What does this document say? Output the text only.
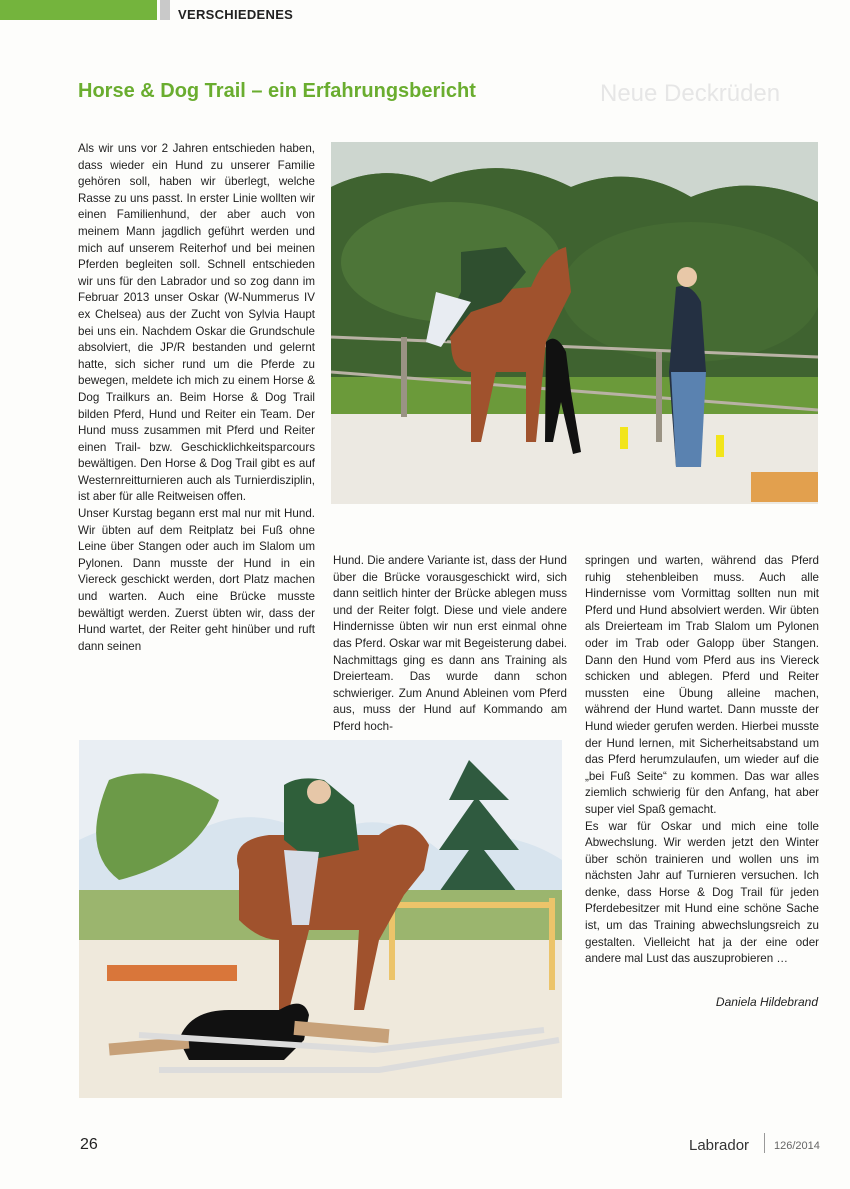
VERSCHIEDENES
Neue Deckrüden
Horse & Dog Trail – ein Erfahrungsbericht

Als wir uns vor 2 Jahren entschieden haben, dass wieder ein Hund zu unserer Familie gehören soll, haben wir überlegt, welche Rasse zu uns passt. In erster Linie wollten wir einen Familienhund, der aber auch von meinem Mann jagdlich geführt werden und mich auf unserem Reiterhof und bei meinen Pferden begleiten soll. Schnell entschieden wir uns für den Labrador und so zog dann im Februar 2013 unser Oskar (W-Nummerus IV ex Chelsea) aus der Zucht von Sylvia Haupt bei uns ein. Nachdem Oskar die Grundschule absolviert, die JP/R bestanden und gelernt hatte, sich sicher rund um die Pferde zu bewegen, meldete ich mich zu einem Horse & Dog Trailkurs an. Beim Horse & Dog Trail bilden Pferd, Hund und Reiter ein Team. Der Hund muss zusammen mit Pferd und Reiter einen Trail- bzw. Geschicklichkeitsparcours bewältigen. Den Horse & Dog Trail gibt es auf Westernreitturnieren auch als Turnierdisziplin, ist aber für alle Reitweisen offen.

Unser Kurstag begann erst mal nur mit Hund. Wir übten auf dem Reitplatz bei Fuß ohne Leine über Stangen oder auch im Slalom um Pylonen. Dann musste der Hund in ein Viereck geschickt werden, dort Platz machen und warten. Auch eine Brücke musste bewältigt werden. Zuerst übten wir, dass der Hund wartet, der Reiter geht hinüber und ruft dann seinen

Hund. Die andere Variante ist, dass der Hund über die Brücke vorausgeschickt wird, sich dann seitlich hinter der Brücke ablegen muss und der Reiter folgt. Diese und viele andere Hindernisse übten wir nun erst einmal ohne das Pferd. Oskar war mit Begeisterung dabei. Nachmittags ging es dann ans Training als Dreierteam. Das wurde dann schon schwieriger. Zum Anund Ableinen vom Pferd aus, muss der Hund auf Kommando am Pferd hoch-

springen und warten, während das Pferd ruhig stehenbleiben muss. Auch alle Hindernisse vom Vormittag sollten nun mit Pferd und Hund absolviert werden. Wir übten als Dreierteam im Trab Slalom um Pylonen oder im Trab oder Galopp über Stangen. Dann den Hund vom Pferd aus ins Viereck schicken und ablegen. Pferd und Reiter mussten eine Übung alleine machen, während der Hund wartet. Dann musste der Hund wieder gerufen werden. Hierbei musste der Hund lernen, mit Sicherheitsabstand um das Pferd herumzulaufen, um wieder auf die „bei Fuß Seite“ zu kommen. Das war alles ziemlich schwierig für den Anfang, hat aber super viel Spaß gemacht.

Es war für Oskar und mich eine tolle Abwechslung. Wir werden jetzt den Winter über schön trainieren und wollen uns im nächsten Jahr auf Turnieren versuchen. Ich denke, dass Horse & Dog Trail für jeden Pferdebesitzer mit Hund eine schöne Sache ist, um das Training abwechslungsreich zu gestalten. Vielleicht hat ja der eine oder andere mal Lust das auszuprobieren …

Daniela Hildebrand
26	Labrador 126/2014
